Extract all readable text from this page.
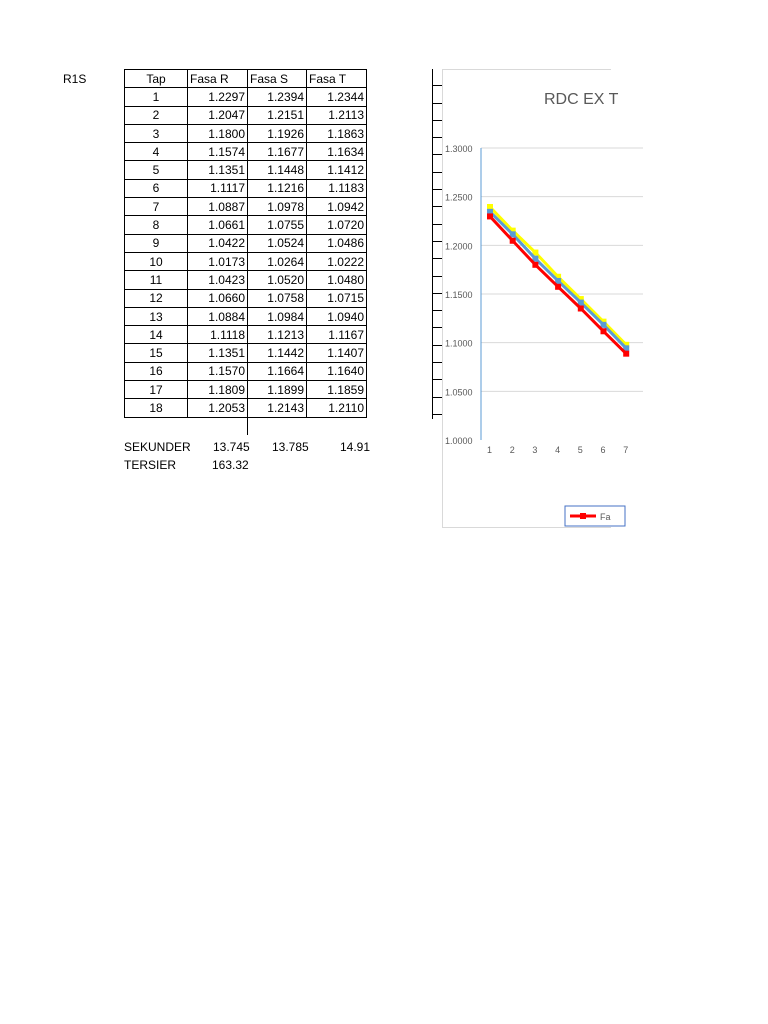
R1S	Tap	Fasa R	Fasa S	Fasa T
1	1.2297	1.2394	1.2344
2	1.2047	1.2151	1.2113
3	1.1800	1.1926	1.1863
4	1.1574	1.1677	1.1634
5	1.1351	1.1448	1.1412
6	1.1117	1.1216	1.1183
7	1.0887	1.0978	1.0942
8	1.0661	1.0755	1.0720
9	1.0422	1.0524	1.0486
10	1.0173	1.0264	1.0222
11	1.0423	1.0520	1.0480
12	1.0660	1.0758	1.0715
13	1.0884	1.0984	1.0940
14	1.1118	1.1213	1.1167
15	1.1351	1.1442	1.1407
16	1.1570	1.1664	1.1640
17	1.1809	1.1899	1.1859
18	1.2053	1.2143	1.2110

SEKUNDER 13.745 13.785	14.91
TERSIER	163.32
RDC EX T
1.0000
1.0500
1.1000
1.1500
1.2000
1.2500
1.3000
1 2 3 4 5 6 7
Fa
